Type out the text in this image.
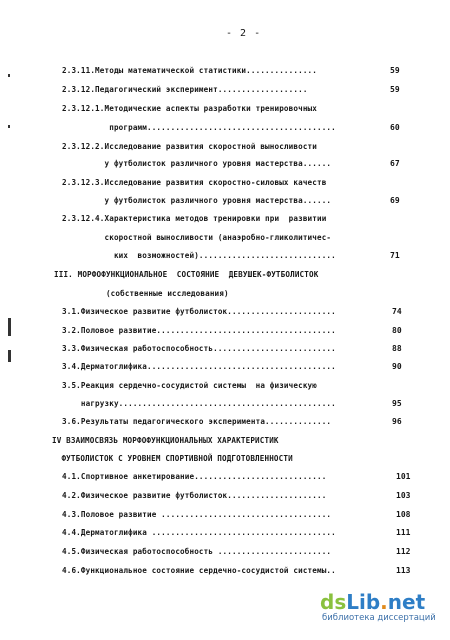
- 2 -
2.3.11.Методы математической статистики...............	59
2.3.12.Педагогический эксперимент...................	59
2.3.12.1.Методические аспекты разработки тренировочных
программ........................................	60
2.3.12.2.Исследование развития скоростной выносливости
у футболисток различного уровня мастерства......	67
2.3.12.3.Исследование развития скоростно-силовых качеств
у футболисток различного уровня мастерства......	69
2.3.12.4.Характеристика методов тренировки при  развитии
скоростной выносливости (анаэробно-гликолитичес-
ких  возможностей).............................	71
III. МОРФОФУНКЦИОНАЛЬНОЕ  СОСТОЯНИЕ  ДЕВУШЕК-ФУТБОЛИСТОК
(собственные исследования)
3.1.Физическое развитие футболисток.......................	74
3.2.Половое развитие......................................	80
3.3.Физическая работоспособность..........................	88
3.4.Дерматоглифика........................................	90
3.5.Реакция сердечно-сосудистой системы  на физическую
нагрузку..............................................	95
3.6.Результаты педагогического эксперимента..............	96
IV ВЗАИМОСВЯЗЬ МОРФОФУНКЦИОНАЛЬНЫХ ХАРАКТЕРИСТИК
ФУТБОЛИСТОК С УРОВНЕМ СПОРТИВНОЙ ПОДГОТОВЛЕННОСТИ
4.1.Спортивное анкетирование............................	101
4.2.Физическое развитие футболисток.....................	103
4.3.Половое развитие ....................................	108
4.4.Дерматоглифика .......................................	111
4.5.Физическая работоспособность ........................	112
4.6.Функциональное состояние сердечно-сосудистой системы..	113
dsLib.net
библиотека диссертаций
